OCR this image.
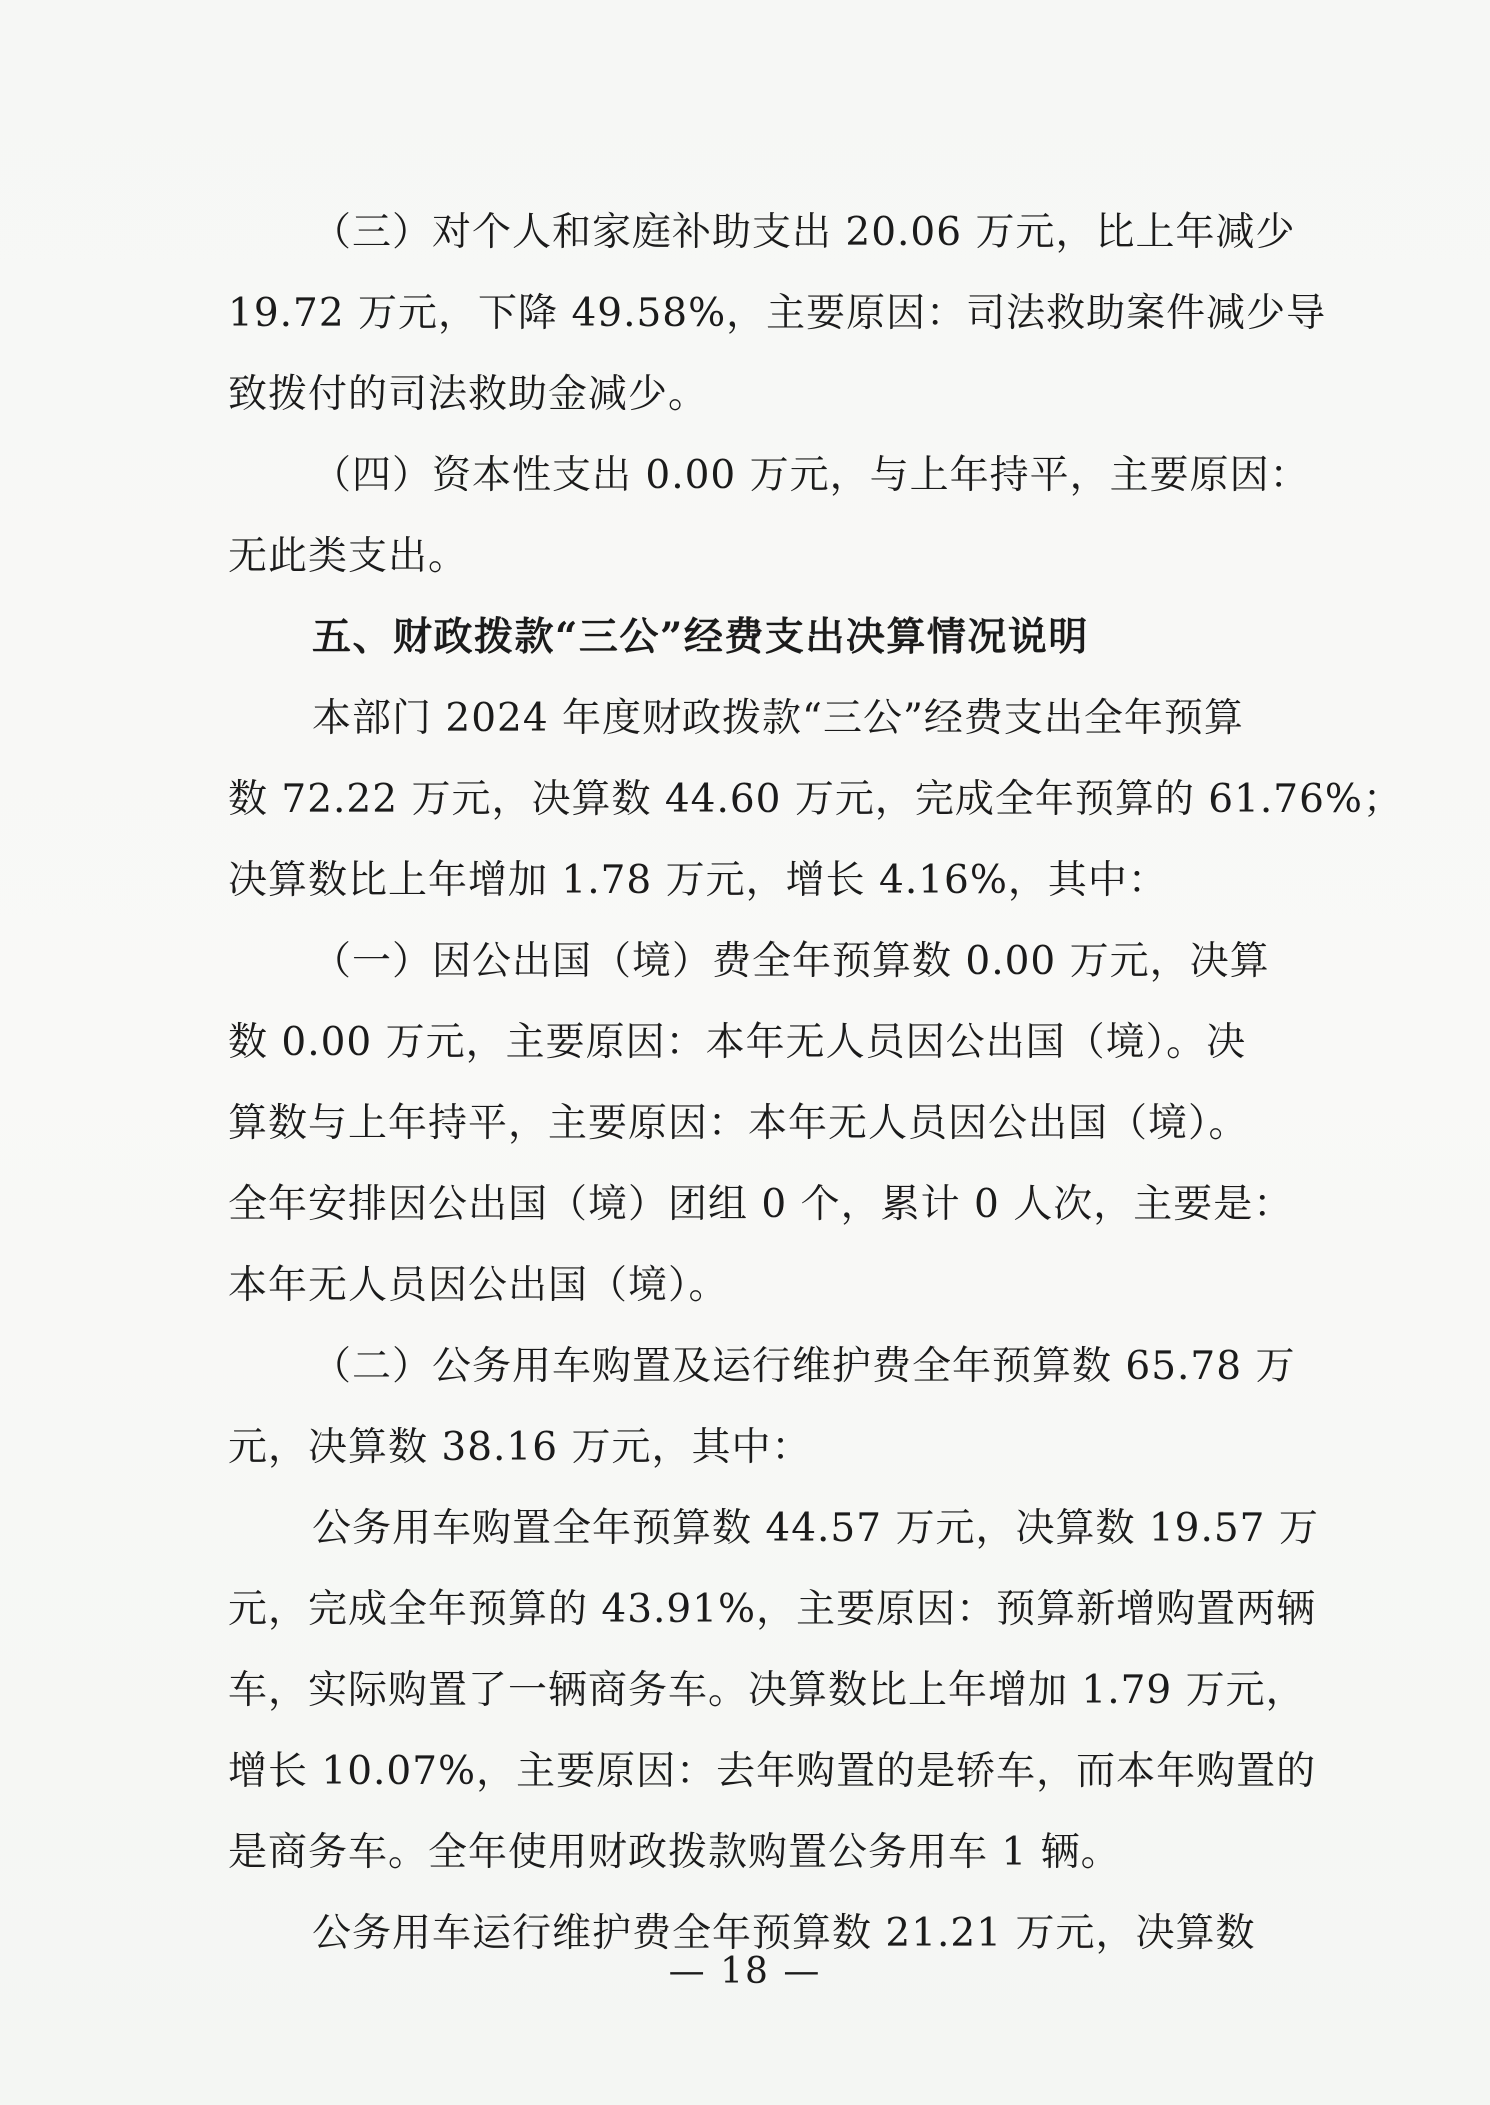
（三）对个人和家庭补助支出 20.06 万元，比上年减少
19.72 万元，下降 49.58%，主要原因：司法救助案件减少导
致拨付的司法救助金减少。
（四）资本性支出 0.00 万元，与上年持平，主要原因：
无此类支出。
五、财政拨款“三公”经费支出决算情况说明
本部门 2024 年度财政拨款“三公”经费支出全年预算
数 72.22 万元，决算数 44.60 万元，完成全年预算的 61.76%；
决算数比上年增加 1.78 万元，增长 4.16%，其中：
（一）因公出国（境）费全年预算数 0.00 万元，决算
数 0.00 万元，主要原因：本年无人员因公出国（境）。决
算数与上年持平，主要原因：本年无人员因公出国（境）。
全年安排因公出国（境）团组 0 个，累计 0 人次，主要是：
本年无人员因公出国（境）。
（二）公务用车购置及运行维护费全年预算数 65.78 万
元，决算数 38.16 万元，其中：
公务用车购置全年预算数 44.57 万元，决算数 19.57 万
元，完成全年预算的 43.91%，主要原因：预算新增购置两辆
车，实际购置了一辆商务车。决算数比上年增加 1.79 万元，
增长 10.07%，主要原因：去年购置的是轿车，而本年购置的
是商务车。全年使用财政拨款购置公务用车 1 辆。
公务用车运行维护费全年预算数 21.21 万元，决算数
— 18 —
